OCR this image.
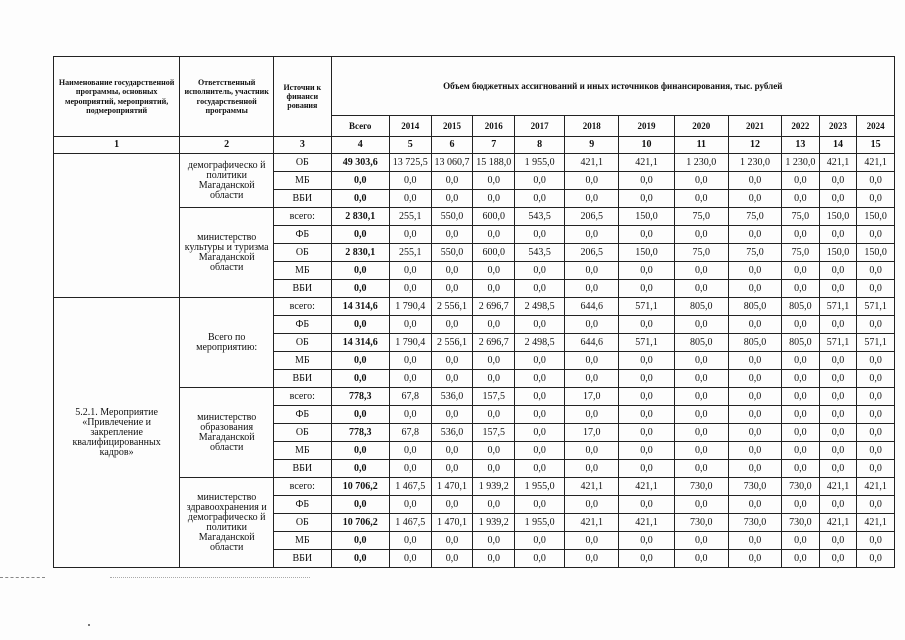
Наименование государственной программы, основных мероприятий, мероприятий, подмероприятий	Ответственный исполнитель, участник государственной программы	Источни к финанси рования	Объем бюджетных ассигнований и иных источников финансирования, тыс. рублей											
			Всего	2014	2015	2016	2017	2018	2019	2020	2021	2022	2023	2024
1	2	3	4	5	6	7	8	9	10	11	12	13	14	15
	демографическо й политики Магаданской области	ОБ	49 303,6	13 725,5	13 060,7	15 188,0	1 955,0	421,1	421,1	1 230,0	1 230,0	1 230,0	421,1	421,1
		МБ	0,0	0,0	0,0	0,0	0,0	0,0	0,0	0,0	0,0	0,0	0,0	0,0
		ВБИ	0,0	0,0	0,0	0,0	0,0	0,0	0,0	0,0	0,0	0,0	0,0	0,0
	министерство культуры и туризма Магаданской области	всего:	2 830,1	255,1	550,0	600,0	543,5	206,5	150,0	75,0	75,0	75,0	150,0	150,0
		ФБ	0,0	0,0	0,0	0,0	0,0	0,0	0,0	0,0	0,0	0,0	0,0	0,0
		ОБ	2 830,1	255,1	550,0	600,0	543,5	206,5	150,0	75,0	75,0	75,0	150,0	150,0
		МБ	0,0	0,0	0,0	0,0	0,0	0,0	0,0	0,0	0,0	0,0	0,0	0,0
		ВБИ	0,0	0,0	0,0	0,0	0,0	0,0	0,0	0,0	0,0	0,0	0,0	0,0
5.2.1. Мероприятие «Привлечение и закрепление квалифицированных кадров»	Всего по мероприятию:	всего:	14 314,6	1 790,4	2 556,1	2 696,7	2 498,5	644,6	571,1	805,0	805,0	805,0	571,1	571,1
		ФБ	0,0	0,0	0,0	0,0	0,0	0,0	0,0	0,0	0,0	0,0	0,0	0,0
		ОБ	14 314,6	1 790,4	2 556,1	2 696,7	2 498,5	644,6	571,1	805,0	805,0	805,0	571,1	571,1
		МБ	0,0	0,0	0,0	0,0	0,0	0,0	0,0	0,0	0,0	0,0	0,0	0,0
		ВБИ	0,0	0,0	0,0	0,0	0,0	0,0	0,0	0,0	0,0	0,0	0,0	0,0
	министерство образования Магаданской области	всего:	778,3	67,8	536,0	157,5	0,0	17,0	0,0	0,0	0,0	0,0	0,0	0,0
		ФБ	0,0	0,0	0,0	0,0	0,0	0,0	0,0	0,0	0,0	0,0	0,0	0,0
		ОБ	778,3	67,8	536,0	157,5	0,0	17,0	0,0	0,0	0,0	0,0	0,0	0,0
		МБ	0,0	0,0	0,0	0,0	0,0	0,0	0,0	0,0	0,0	0,0	0,0	0,0
		ВБИ	0,0	0,0	0,0	0,0	0,0	0,0	0,0	0,0	0,0	0,0	0,0	0,0
	министерство здравоохранения и демографическо й политики Магаданской области	всего:	10 706,2	1 467,5	1 470,1	1 939,2	1 955,0	421,1	421,1	730,0	730,0	730,0	421,1	421,1
		ФБ	0,0	0,0	0,0	0,0	0,0	0,0	0,0	0,0	0,0	0,0	0,0	0,0
		ОБ	10 706,2	1 467,5	1 470,1	1 939,2	1 955,0	421,1	421,1	730,0	730,0	730,0	421,1	421,1
		МБ	0,0	0,0	0,0	0,0	0,0	0,0	0,0	0,0	0,0	0,0	0,0	0,0
		ВБИ	0,0	0,0	0,0	0,0	0,0	0,0	0,0	0,0	0,0	0,0	0,0	0,0
